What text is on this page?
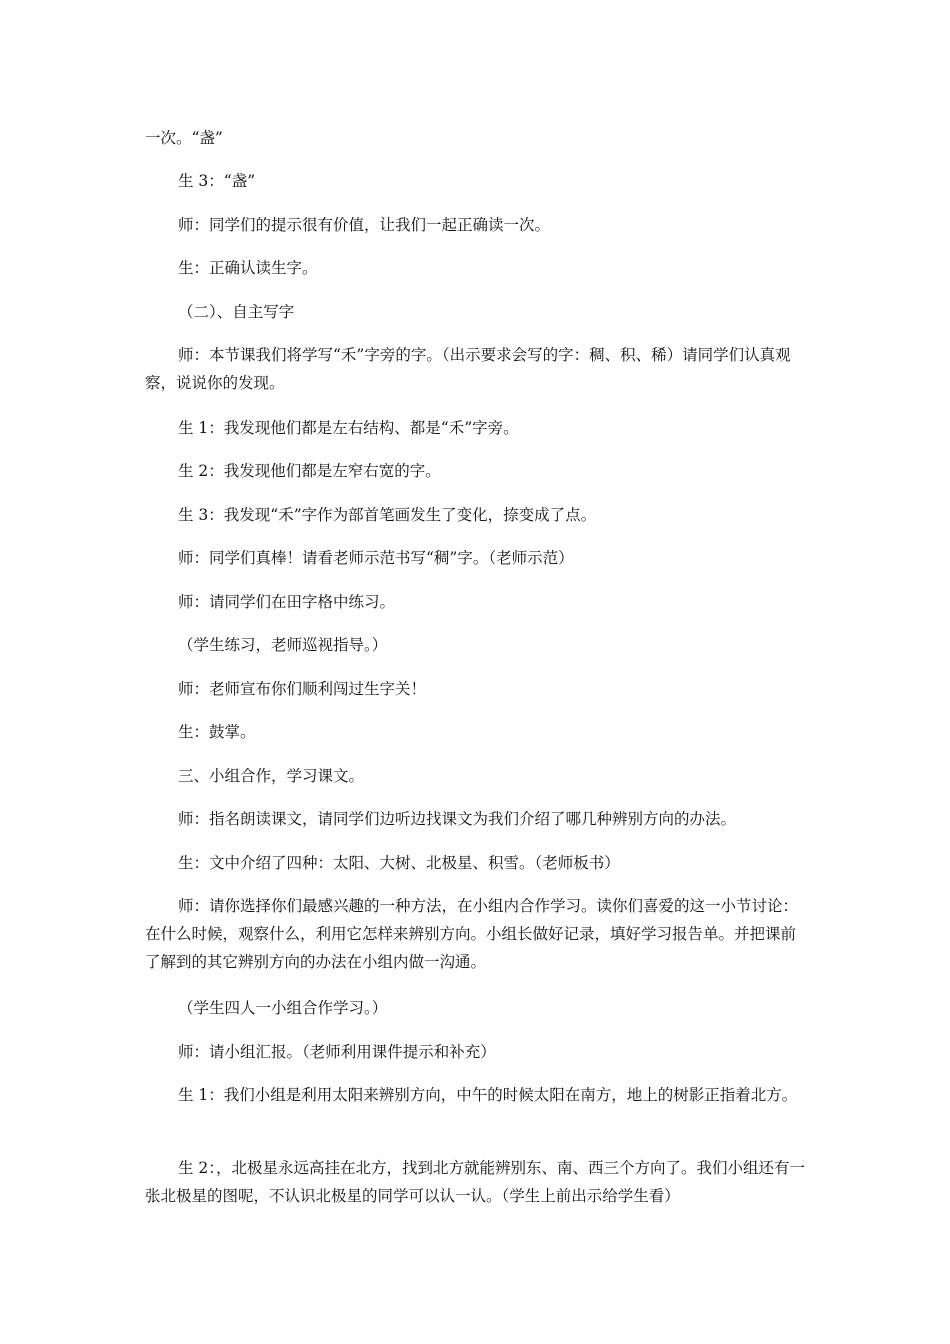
一次。“盏”

生 3：“盏”

师：同学们的提示很有价值，让我们一起正确读一次。

生：正确认读生字。

（二）、自主写字

师：本节课我们将学写“禾”字旁的字。（出示要求会写的字：稠、积、稀）请同学们认真观察，说说你的发现。

生 1：我发现他们都是左右结构、都是“禾”字旁。

生 2：我发现他们都是左窄右宽的字。

生 3：我发现“禾”字作为部首笔画发生了变化，捺变成了点。

师：同学们真棒！请看老师示范书写“稠”字。（老师示范）

师：请同学们在田字格中练习。

（学生练习，老师巡视指导。）

师：老师宣布你们顺利闯过生字关！

生：鼓掌。

三、小组合作，学习课文。

师：指名朗读课文，请同学们边听边找课文为我们介绍了哪几种辨别方向的办法。

生：文中介绍了四种：太阳、大树、北极星、积雪。（老师板书）

师：请你选择你们最感兴趣的一种方法，在小组内合作学习。读你们喜爱的这一小节讨论：在什么时候，观察什么，利用它怎样来辨别方向。小组长做好记录，填好学习报告单。并把课前了解到的其它辨别方向的办法在小组内做一沟通。

（学生四人一小组合作学习。）

师：请小组汇报。（老师利用课件提示和补充）

生 1：我们小组是利用太阳来辨别方向，中午的时候太阳在南方，地上的树影正指着北方。

生 2：，北极星永远高挂在北方，找到北方就能辨别东、南、西三个方向了。我们小组还有一张北极星的图呢，不认识北极星的同学可以认一认。（学生上前出示给学生看）
